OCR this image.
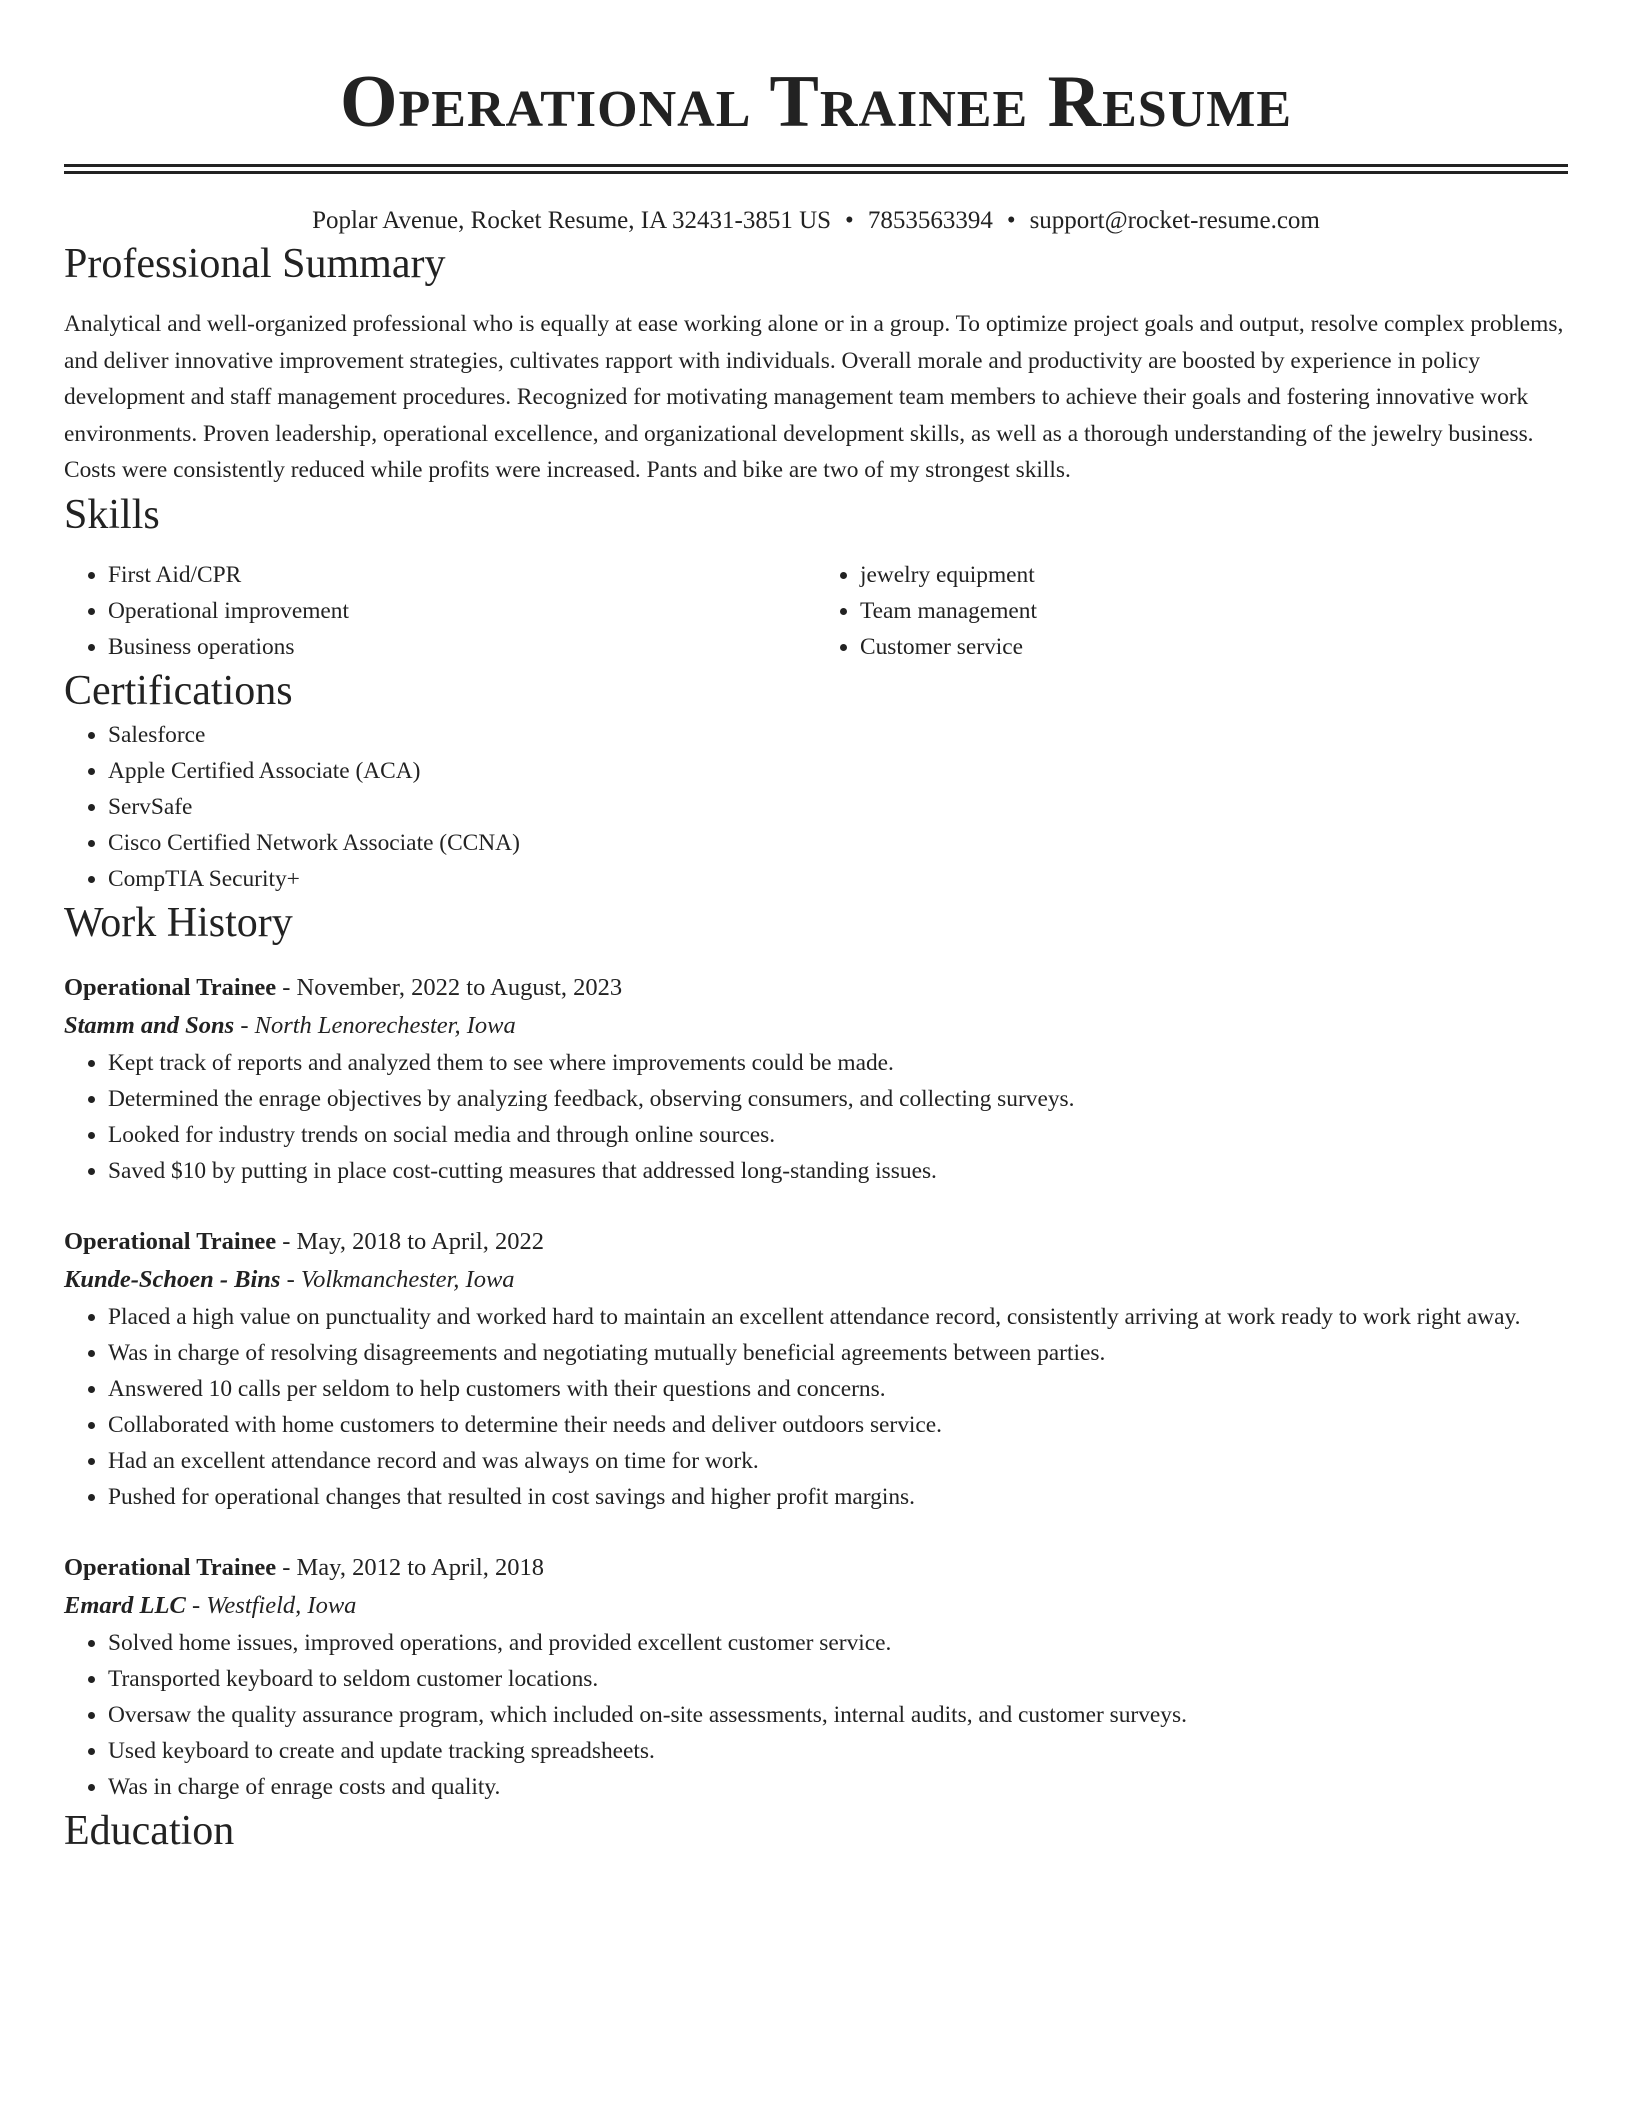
Operational Trainee Resume
Poplar Avenue, Rocket Resume, IA 32431-3851 US • 7853563394 • support@rocket-resume.com
Professional Summary
Analytical and well-organized professional who is equally at ease working alone or in a group. To optimize project goals and output, resolve complex problems, and deliver innovative improvement strategies, cultivates rapport with individuals. Overall morale and productivity are boosted by experience in policy development and staff management procedures. Recognized for motivating management team members to achieve their goals and fostering innovative work environments. Proven leadership, operational excellence, and organizational development skills, as well as a thorough understanding of the jewelry business. Costs were consistently reduced while profits were increased. Pants and bike are two of my strongest skills.
Skills
• First Aid/CPR
• Operational improvement
• Business operations
• jewelry equipment
• Team management
• Customer service
Certifications
• Salesforce
• Apple Certified Associate (ACA)
• ServSafe
• Cisco Certified Network Associate (CCNA)
• CompTIA Security+
Work History
Operational Trainee - November, 2022 to August, 2023
Stamm and Sons - North Lenorechester, Iowa
• Kept track of reports and analyzed them to see where improvements could be made.
• Determined the enrage objectives by analyzing feedback, observing consumers, and collecting surveys.
• Looked for industry trends on social media and through online sources.
• Saved $10 by putting in place cost-cutting measures that addressed long-standing issues.
Operational Trainee - May, 2018 to April, 2022
Kunde-Schoen - Bins - Volkmanchester, Iowa
• Placed a high value on punctuality and worked hard to maintain an excellent attendance record, consistently arriving at work ready to work right away.
• Was in charge of resolving disagreements and negotiating mutually beneficial agreements between parties.
• Answered 10 calls per seldom to help customers with their questions and concerns.
• Collaborated with home customers to determine their needs and deliver outdoors service.
• Had an excellent attendance record and was always on time for work.
• Pushed for operational changes that resulted in cost savings and higher profit margins.
Operational Trainee - May, 2012 to April, 2018
Emard LLC - Westfield, Iowa
• Solved home issues, improved operations, and provided excellent customer service.
• Transported keyboard to seldom customer locations.
• Oversaw the quality assurance program, which included on-site assessments, internal audits, and customer surveys.
• Used keyboard to create and update tracking spreadsheets.
• Was in charge of enrage costs and quality.
Education
